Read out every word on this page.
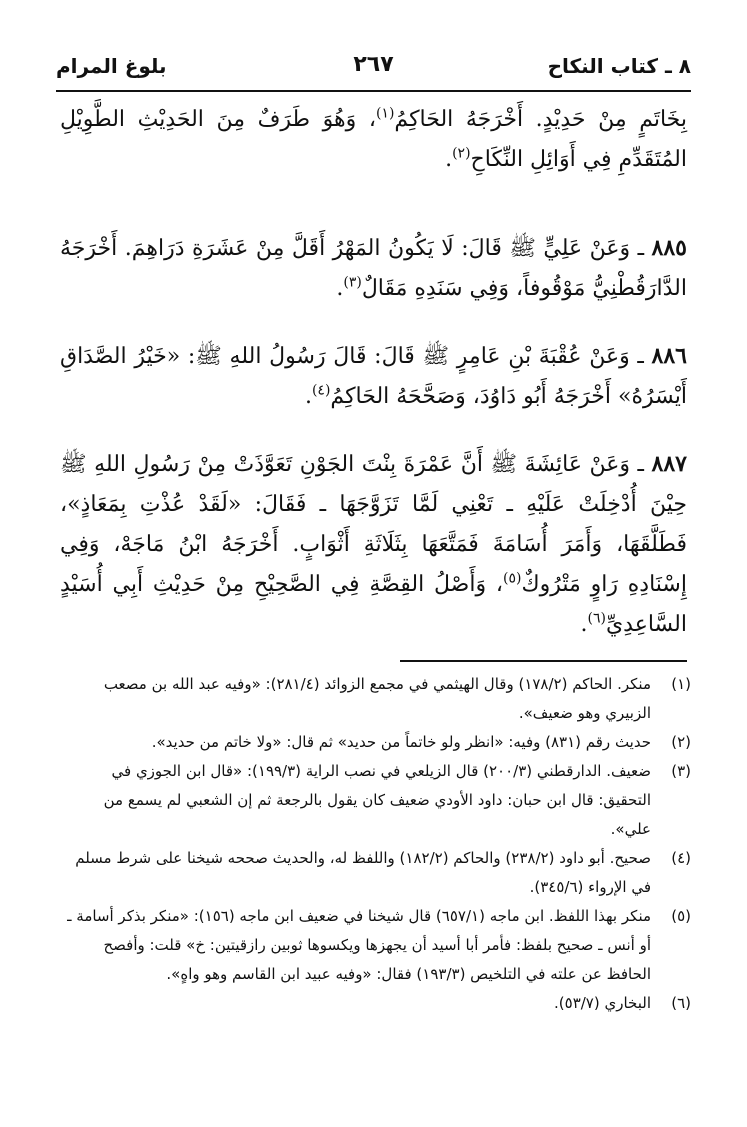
٨ ـ كتاب النكاح
٢٦٧
بلوغ المرام

بِخَاتَمٍ مِنْ حَدِيْدٍ. أَخْرَجَهُ الحَاكِمُ$^{(١)}$، وَهُوَ طَرَفٌ مِنَ الحَدِيْثِ الطَّوِيْلِ المُتَقَدِّمِ فِي أَوَائِلِ النِّكَاحِ$^{(٢)}$.

٨٨٥ ـ وَعَنْ عَلِيٍّ ﷺ قَالَ: لَا يَكُونُ المَهْرُ أَقَلَّ مِنْ عَشَرَةِ دَرَاهِمَ. أَخْرَجَهُ الدَّارَقُطْنِيُّ مَوْقُوفاً، وَفِي سَنَدِهِ مَقَالٌ$^{(٣)}$.

٨٨٦ ـ وَعَنْ عُقْبَةَ بْنِ عَامِرٍ ﷺ قَالَ: قَالَ رَسُولُ اللهِ ﷺ: «خَيْرُ الصَّدَاقِ أَيْسَرُهُ» أَخْرَجَهُ أَبُو دَاوُدَ، وَصَحَّحَهُ الحَاكِمُ$^{(٤)}$.

٨٨٧ ـ وَعَنْ عَائِشَةَ ﷺ أَنَّ عَمْرَةَ بِنْتَ الجَوْنِ تَعَوَّذَتْ مِنْ رَسُولِ اللهِ ﷺ حِيْنَ أُدْخِلَتْ عَلَيْهِ ـ تَعْنِي لَمَّا تَزَوَّجَهَا ـ فَقَالَ: «لَقَدْ عُذْتِ بِمَعَاذٍ»، فَطَلَّقَهَا، وَأَمَرَ أُسَامَةَ فَمَتَّعَهَا بِثَلَاثَةِ أَثْوَابٍ. أَخْرَجَهُ ابْنُ مَاجَهْ، وَفِي إِسْنَادِهِ رَاوٍ مَتْرُوكٌ$^{(٥)}$، وَأَصْلُ القِصَّةِ فِي الصَّحِيْحِ مِنْ حَدِيْثِ أَبِي أُسَيْدٍ السَّاعِدِيِّ$^{(٦)}$.

(١)
منكر. الحاكم (١٧٨/٢) وقال الهيثمي في مجمع الزوائد (٢٨١/٤): «وفيه عبد الله بن مصعب الزبيري وهو ضعيف».

(٢)
حديث رقم (٨٣١) وفيه: «انظر ولو خاتماً من حديد» ثم قال: «ولا خاتم من حديد».

(٣)
ضعيف. الدارقطني (٢٠٠/٣) قال الزيلعي في نصب الراية (١٩٩/٣): «قال ابن الجوزي في التحقيق: قال ابن حبان: داود الأودي ضعيف كان يقول بالرجعة ثم إن الشعبي لم يسمع من علي».

(٤)
صحيح. أبو داود (٢٣٨/٢) والحاكم (١٨٢/٢) واللفظ له، والحديث صححه شيخنا على شرط مسلم في الإرواء (٣٤٥/٦).

(٥)
منكر بهذا اللفظ. ابن ماجه (٦٥٧/١) قال شيخنا في ضعيف ابن ماجه (١٥٦): «منكر بذكر أسامة ـ أو أنس ـ صحيح بلفظ: فأمر أبا أسيد أن يجهزها ويكسوها ثوبين رازقيتين: خ» قلت: وأفصح الحافظ عن علته في التلخيص (١٩٣/٣) فقال: «وفيه عبيد ابن القاسم وهو واهٍ».

(٦)
البخاري (٥٣/٧).
